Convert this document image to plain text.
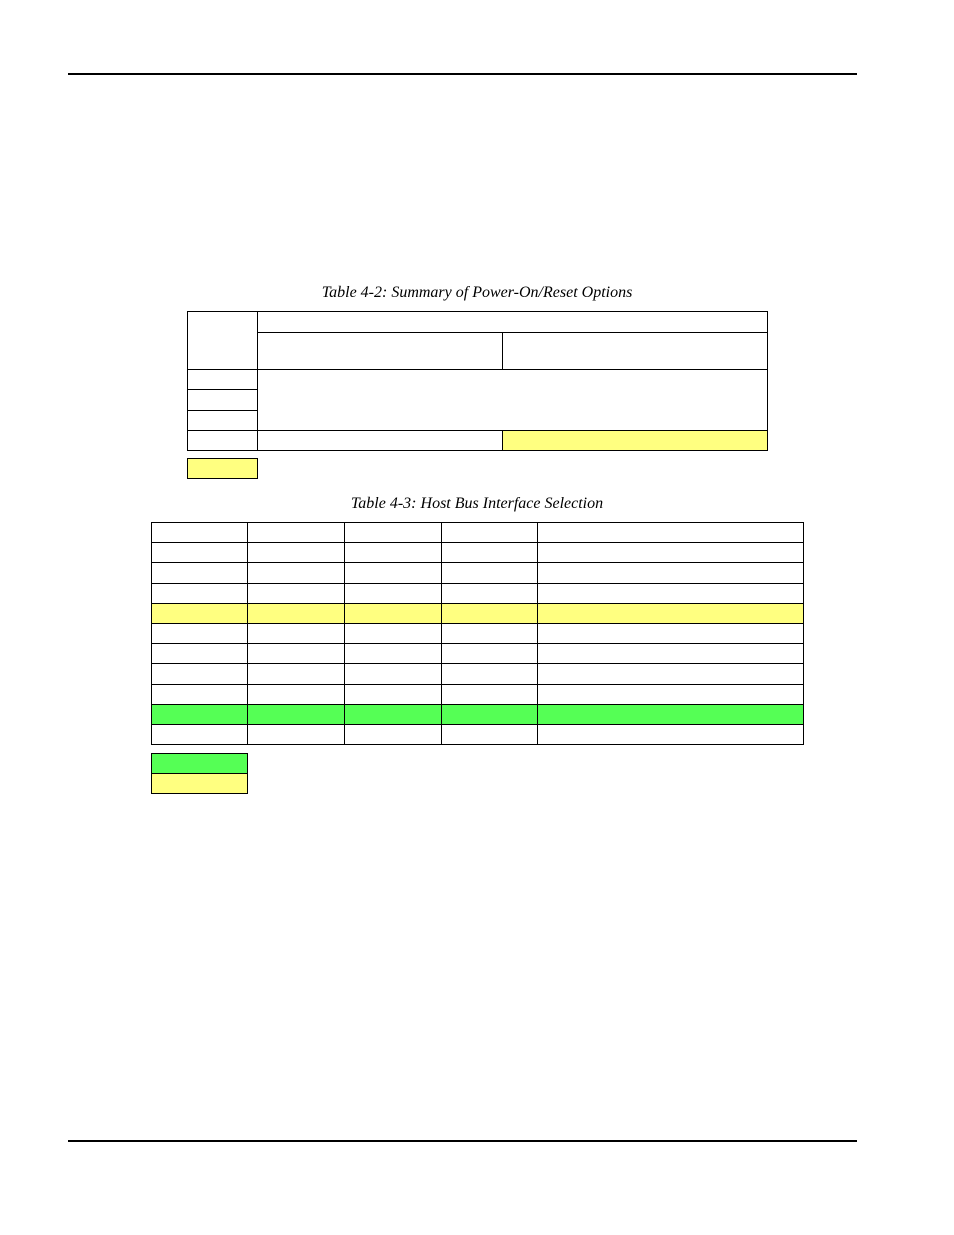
Table 4-2: Summary of Power-On/Reset Options
Table 4-3: Host Bus Interface Selection
